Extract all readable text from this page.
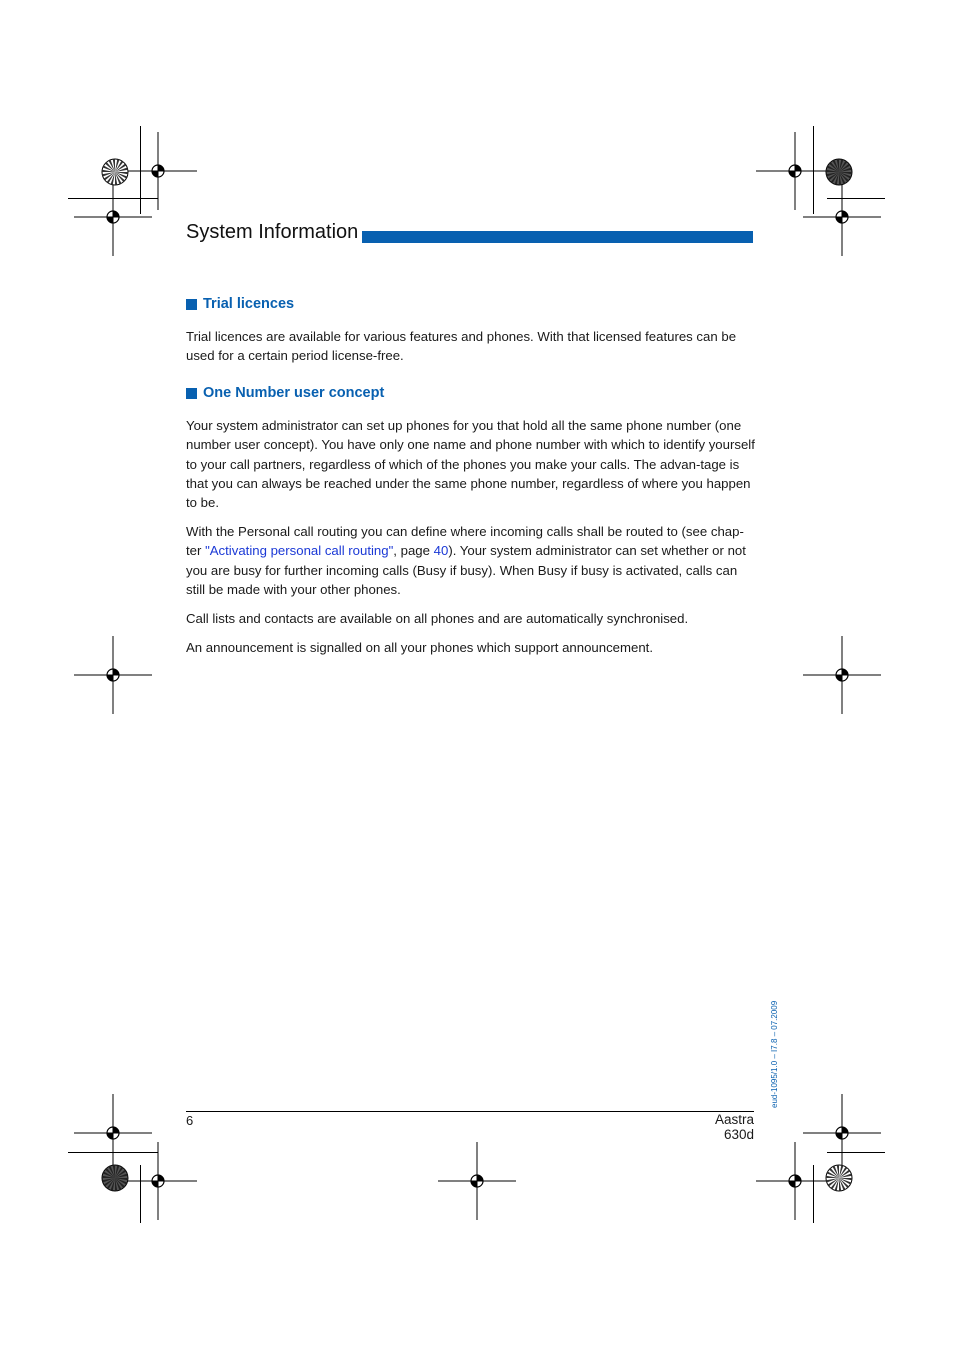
System Information
Trial licences

Trial licences are available for various features and phones. With that licensed features can be used for a certain period license-free.

One Number user concept

Your system administrator can set up phones for you that hold all the same phone number (one number user concept). You have only one name and phone number with which to identify yourself to your call partners, regardless of which of the phones you make your calls. The advan-tage is that you can always be reached under the same phone number, regardless of where you happen to be.

With the Personal call routing you can define where incoming calls shall be routed to (see chap-ter "Activating personal call routing", page 40). Your system administrator can set whether or not you are busy for further incoming calls (Busy if busy). When Busy if busy is activated, calls can still be made with your other phones.

Call lists and contacts are available on all phones and are automatically synchronised.

An announcement is signalled on all your phones which support announcement.

eud-1095/1.0 – I7.8 – 07.2009
6	Aastra 630d
